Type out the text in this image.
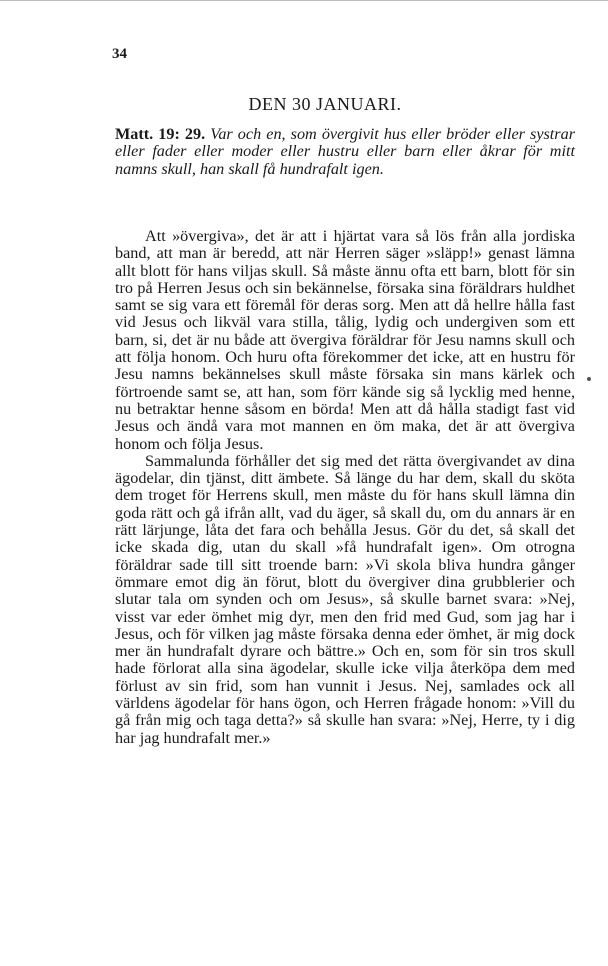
34
DEN 30 JANUARI.

Matt. 19: 29. Var och en, som övergivit hus eller bröder eller systrar eller fader eller moder eller hustru eller barn eller åkrar för mitt namns skull, han skall få hundrafalt igen.

Att »övergiva», det är att i hjärtat vara så lös från alla jordiska band, att man är beredd, att när Herren säger »släpp!» genast lämna allt blott för hans viljas skull. Så måste ännu ofta ett barn, blott för sin tro på Herren Jesus och sin bekännelse, försaka sina föräldrars huldhet samt se sig vara ett föremål för deras sorg. Men att då hellre hålla fast vid Jesus och likväl vara stilla, tålig, lydig och undergiven som ett barn, si, det är nu både att övergiva föräldrar för Jesu namns skull och att följa honom. Och huru ofta förekommer det icke, att en hustru för Jesu namns bekännelses skull måste försaka sin mans kärlek och förtroende samt se, att han, som förr kände sig så lycklig med henne, nu betraktar henne såsom en börda! Men att då hålla stadigt fast vid Jesus och ändå vara mot mannen en öm maka, det är att övergiva honom och följa Jesus.

Sammalunda förhåller det sig med det rätta övergivandet av dina ägodelar, din tjänst, ditt ämbete. Så länge du har dem, skall du sköta dem troget för Herrens skull, men måste du för hans skull lämna din goda rätt och gå ifrån allt, vad du äger, så skall du, om du annars är en rätt lärjunge, låta det fara och behålla Jesus. Gör du det, så skall det icke skada dig, utan du skall »få hundrafalt igen». Om otrogna föräldrar sade till sitt troende barn: »Vi skola bliva hundra gånger ömmare emot dig än förut, blott du övergiver dina grubblerier och slutar tala om synden och om Jesus», så skulle barnet svara: »Nej, visst var eder ömhet mig dyr, men den frid med Gud, som jag har i Jesus, och för vilken jag måste försaka denna eder ömhet, är mig dock mer än hundrafalt dyrare och bättre.» Och en, som för sin tros skull hade förlorat alla sina ägodelar, skulle icke vilja återköpa dem med förlust av sin frid, som han vunnit i Jesus. Nej, samlades ock all världens ägodelar för hans ögon, och Herren frågade honom: »Vill du gå från mig och taga detta?» så skulle han svara: »Nej, Herre, ty i dig har jag hundrafalt mer.»
